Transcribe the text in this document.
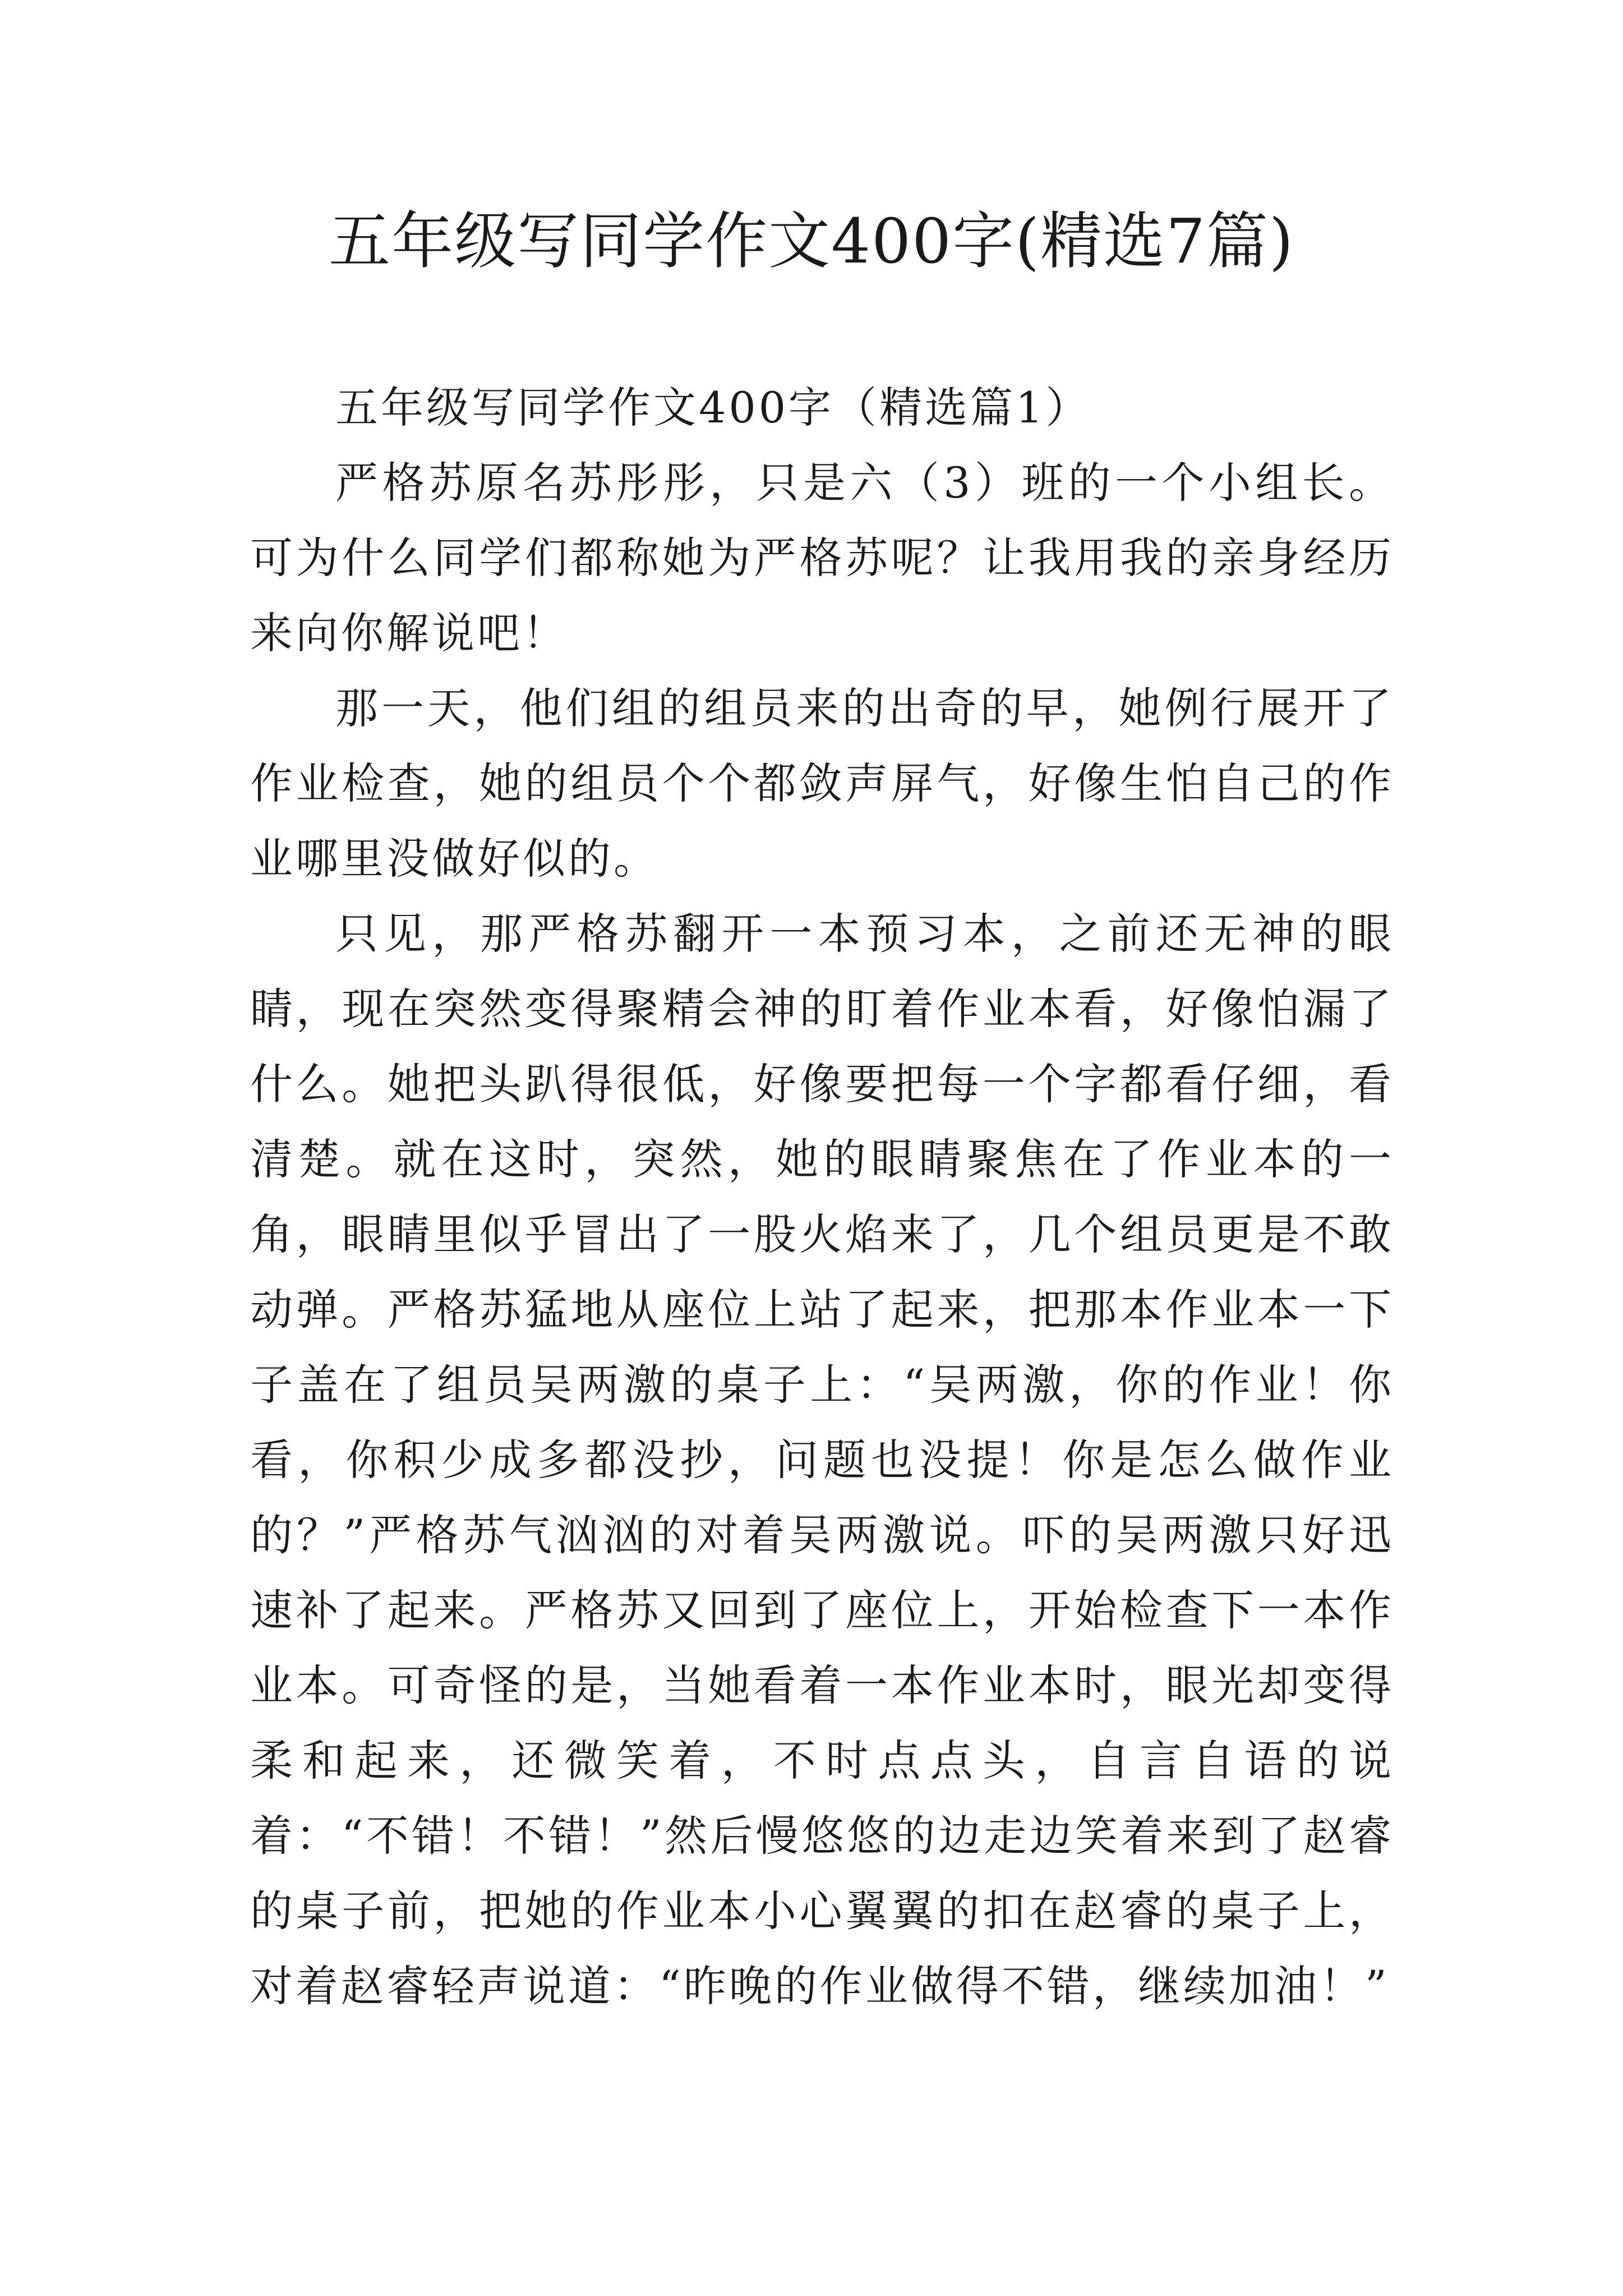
五年级写同学作文400字(精选7篇)

五年级写同学作文400字（精选篇1）

严格苏原名苏彤彤，只是六（3）班的一个小组长。可为什么同学们都称她为严格苏呢？让我用我的亲身经历来向你解说吧！

那一天，他们组的组员来的出奇的早，她例行展开了作业检查，她的组员个个都敛声屏气，好像生怕自己的作业哪里没做好似的。

只见，那严格苏翻开一本预习本，之前还无神的眼睛，现在突然变得聚精会神的盯着作业本看，好像怕漏了什么。她把头趴得很低，好像要把每一个字都看仔细，看清楚。就在这时，突然，她的眼睛聚焦在了作业本的一角，眼睛里似乎冒出了一股火焰来了，几个组员更是不敢动弹。严格苏猛地从座位上站了起来，把那本作业本一下子盖在了组员吴两激的桌子上：“吴两激，你的作业！你看，你积少成多都没抄，问题也没提！你是怎么做作业的？”严格苏气汹汹的对着吴两激说。吓的吴两激只好迅速补了起来。严格苏又回到了座位上，开始检查下一本作业本。可奇怪的是，当她看着一本作业本时，眼光却变得柔和起来，还微笑着，不时点点头，自言自语的说着：“不错！不错！”然后慢悠悠的边走边笑着来到了赵睿的桌子前，把她的作业本小心翼翼的扣在赵睿的桌子上，对着赵睿轻声说道：“昨晚的作业做得不错，继续加油！”
